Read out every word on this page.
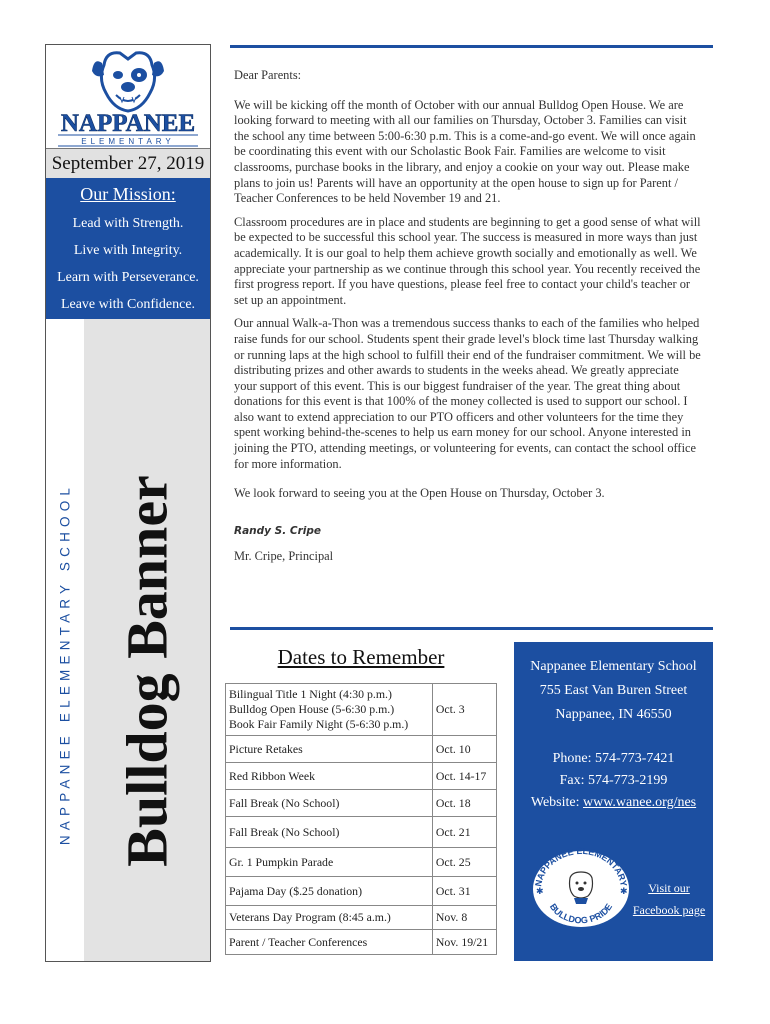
NAPPANEE
ELEMENTARY
September 27, 2019
Our Mission:
Lead with Strength.
Live with Integrity.
Learn with Perseverance.
Leave with Confidence.
NAPPANEE ELEMENTARY SCHOOL Bulldog Banner

Dear Parents:

We will be kicking off the month of October with our annual Bulldog Open House. We are looking forward to meeting with all our families on Thursday, October 3. Families can visit the school any time between 5:00-6:30 p.m. This is a come-and-go event. We will once again be coordinating this event with our Scholastic Book Fair. Families are welcome to visit classrooms, purchase books in the library, and enjoy a cookie on your way out. Please make plans to join us! Parents will have an opportunity at the open house to sign up for Parent / Teacher Conferences to be held November 19 and 21.

Classroom procedures are in place and students are beginning to get a good sense of what will be expected to be successful this school year. The success is measured in more ways than just academically. It is our goal to help them achieve growth socially and emotionally as well. We appreciate your partnership as we continue through this school year. You recently received the first progress report. If you have questions, please feel free to contact your child's teacher or set up an appointment.

Our annual Walk-a-Thon was a tremendous success thanks to each of the families who helped raise funds for our school. Students spent their grade level's block time last Thursday walking or running laps at the high school to fulfill their end of the fundraiser commitment. We will be distributing prizes and other awards to students in the weeks ahead. We greatly appreciate your support of this event. This is our biggest fundraiser of the year. The great thing about donations for this event is that 100% of the money collected is used to support our school. I also want to extend appreciation to our PTO officers and other volunteers for the time they spent working behind-the-scenes to help us earn money for our school. Anyone interested in joining the PTO, attending meetings, or volunteering for events, can contact the school office for more information.

We look forward to seeing you at the Open House on Thursday, October 3.

Randy S. Cripe

Mr. Cripe, Principal

Dates to Remember
Bilingual Title 1 Night (4:30 p.m.)
Bulldog Open House (5-6:30 p.m.)
Book Fair Family Night (5-6:30 p.m.)	Oct. 3
Picture Retakes	Oct. 10
Red Ribbon Week	Oct. 14-17
Fall Break (No School)	Oct. 18
Fall Break (No School)	Oct. 21
Gr. 1 Pumpkin Parade	Oct. 25
Pajama Day ($.25 donation)	Oct. 31
Veterans Day Program (8:45 a.m.)	Nov. 8
Parent / Teacher Conferences	Nov. 19/21
Nappanee Elementary School
755 East Van Buren Street
Nappanee, IN 46550
Phone: 574-773-7421
Fax: 574-773-2199
Website: www.wanee.org/nes
NAPPANEE ELEMENTARY
BULLDOG PRIDE
✱	✱	Visit our
Facebook page
